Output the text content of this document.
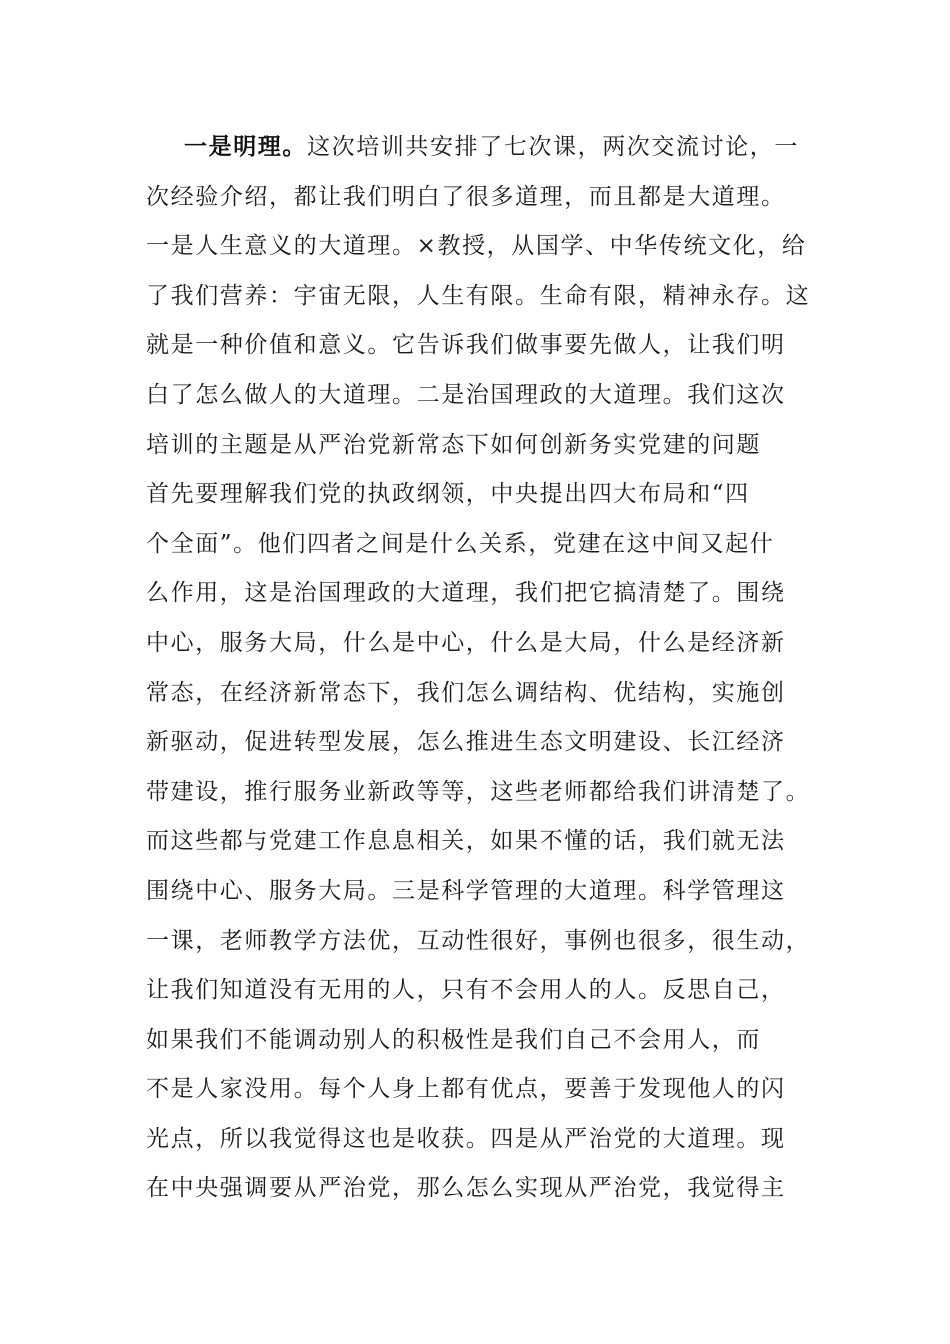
一是明理。这次培训共安排了七次课，两次交流讨论，一
次经验介绍，都让我们明白了很多道理，而且都是大道理。
一是人生意义的大道理。×教授，从国学、中华传统文化，给
了我们营养：宇宙无限，人生有限。生命有限，精神永存。这
就是一种价值和意义。它告诉我们做事要先做人，让我们明
白了怎么做人的大道理。二是治国理政的大道理。我们这次
培训的主题是从严治党新常态下如何创新务实党建的问题
首先要理解我们党的执政纲领，中央提出四大布局和“四
个全面”。他们四者之间是什么关系，党建在这中间又起什
么作用，这是治国理政的大道理，我们把它搞清楚了。围绕
中心，服务大局，什么是中心，什么是大局，什么是经济新
常态，在经济新常态下，我们怎么调结构、优结构，实施创
新驱动，促进转型发展，怎么推进生态文明建设、长江经济
带建设，推行服务业新政等等，这些老师都给我们讲清楚了。
而这些都与党建工作息息相关，如果不懂的话，我们就无法
围绕中心、服务大局。三是科学管理的大道理。科学管理这
一课，老师教学方法优，互动性很好，事例也很多，很生动，
让我们知道没有无用的人，只有不会用人的人。反思自己，
如果我们不能调动别人的积极性是我们自己不会用人，而
不是人家没用。每个人身上都有优点，要善于发现他人的闪
光点，所以我觉得这也是收获。四是从严治党的大道理。现
在中央强调要从严治党，那么怎么实现从严治党，我觉得主
